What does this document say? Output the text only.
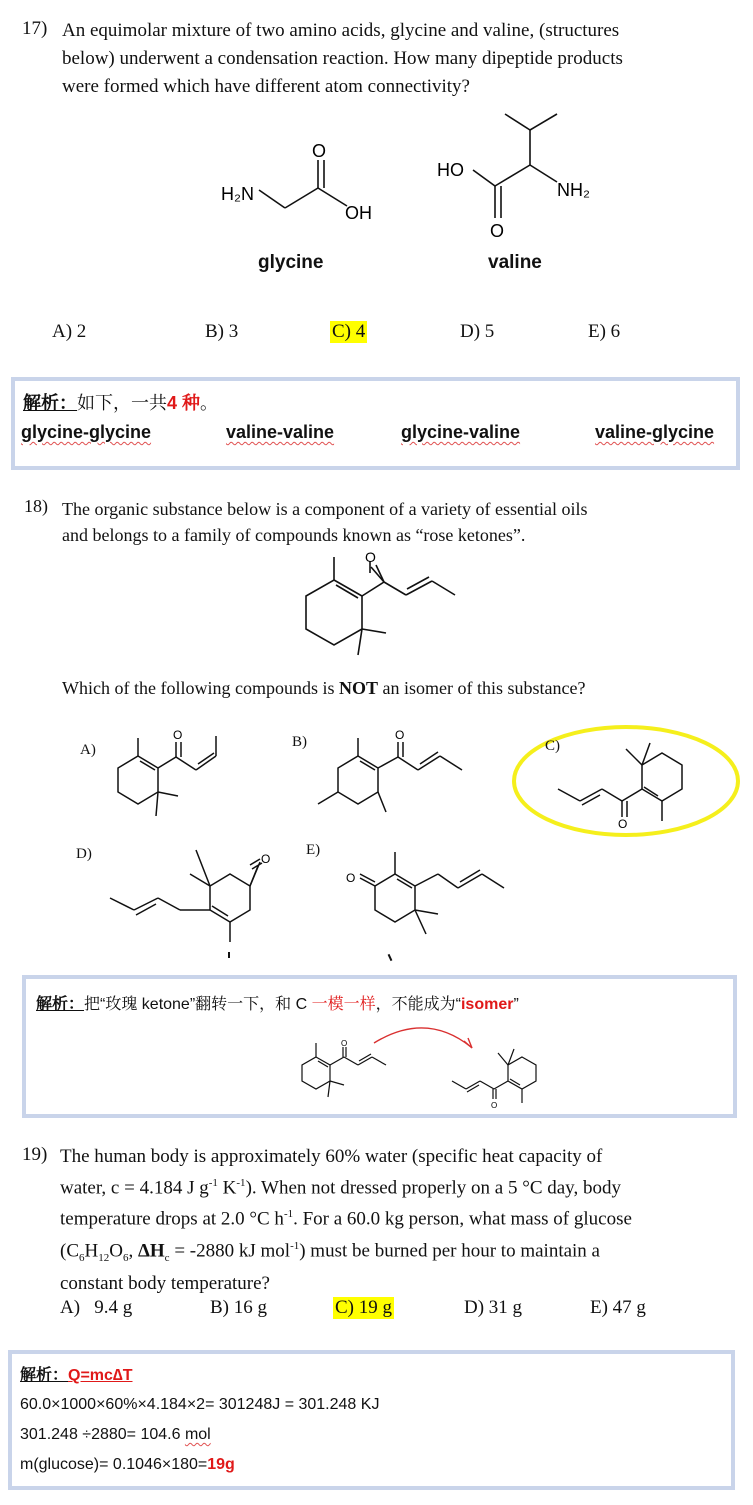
17) An equimolar mixture of two amino acids, glycine and valine, (structures
below) underwent a condensation reaction. How many dipeptide products
were formed which have different atom connectivity?
H₂N
O
OH
glycine
HO
O
NH₂
valine
A) 2	B) 3	C) 4	D) 5	E) 6
解析：如下，一共4 种。
glycine-glycine	valine-valine	glycine-valine	valine-glycine
18) The organic substance below is a component of a variety of essential oils
and belongs to a family of compounds known as “rose ketones”.
O
Which of the following compounds is NOT an isomer of this substance?
A)
O	B)	O
C)
O
D)	O
E)
O
解析：把“玫瑰 ketone”翻转一下，和 C 一模一样，不能成为“isomer”
O
O
19) The human body is approximately 60% water (specific heat capacity of
water, c = 4.184 J $g^{-1}$ $K^{-1}$). When not dressed properly on a 5 °C day, body
temperature drops at 2.0 °C $h^{-1}$. For a 60.0 kg person, what mass of glucose
($C_6H_{12}O_6$, $\Delta H_c = -2880$ kJ mol$^{-1}$) must be burned per hour to maintain a
constant body temperature?
A)   9.4 g	B) 16 g	C) 19 g	D) 31 g	E) 47 g
解析：Q=mc∆T
60.0×1000×60%×4.184×2= 301248J = 301.248 KJ
301.248 ÷2880= 104.6 mol
m(glucose)= 0.1046×180=19g
